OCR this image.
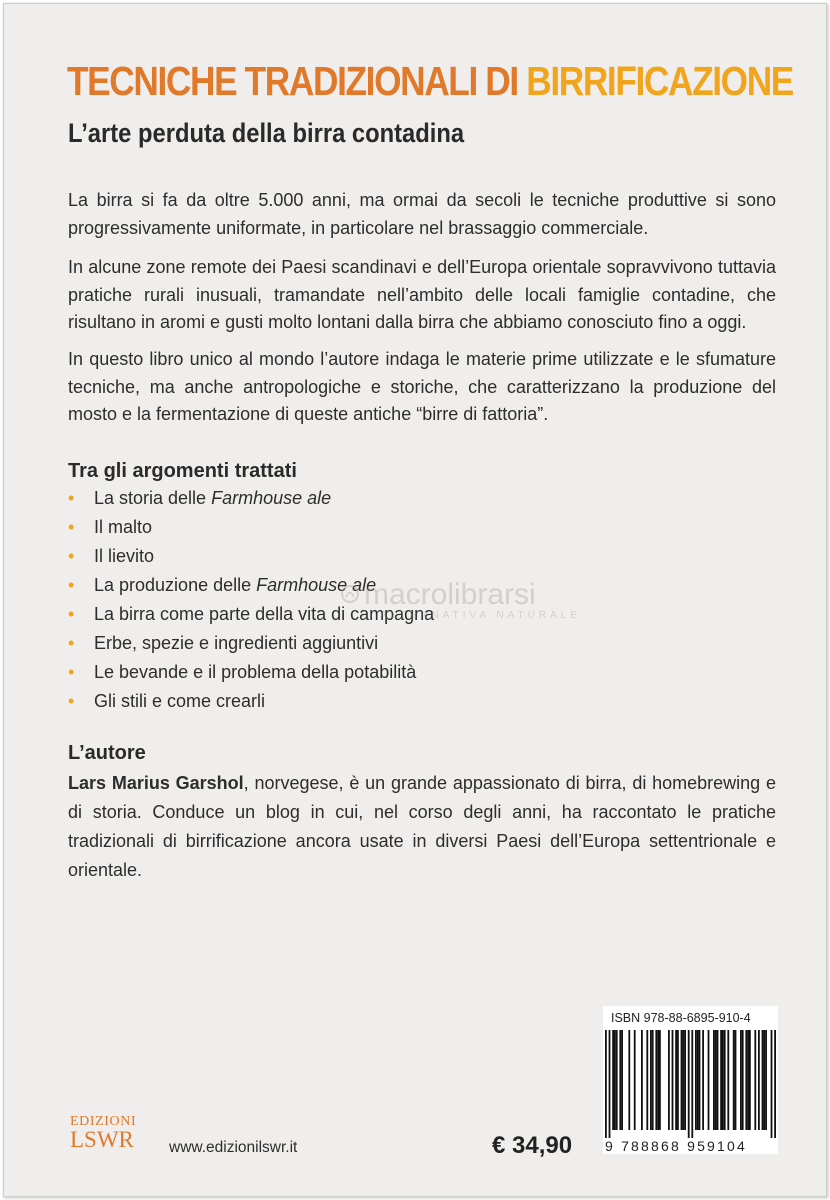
TECNICHE TRADIZIONALI DI BIRRIFICAZIONE
L’arte perduta della birra contadina

La birra si fa da oltre 5.000 anni, ma ormai da secoli le tecniche produttive si sono progressivamente uniformate, in particolare nel brassaggio commerciale.

In alcune zone remote dei Paesi scandinavi e dell’Europa orientale sopravvivono tuttavia pratiche rurali inusuali, tramandate nell’ambito delle locali famiglie contadine, che risultano in aromi e gusti molto lontani dalla birra che abbiamo conosciuto fino a oggi.

In questo libro unico al mondo l’autore indaga le materie prime utilizzate e le sfumature tecniche, ma anche antropologiche e storiche, che caratterizzano la produzione del mosto e la fermentazione di queste antiche “birre di fattoria”.

Tra gli argomenti trattati
• La storia delle Farmhouse ale
• Il malto
• Il lievito
• La produzione delle Farmhouse ale
• La birra come parte della vita di campagna
• Erbe, spezie e ingredienti aggiuntivi
• Le bevande e il problema della potabilità
• Gli stili e come crearli
macrolibrarsi
ALTERNATIVA NATURALE
L’autore

Lars Marius Garshol, norvegese, è un grande appassionato di birra, di homebrewing e di storia. Conduce un blog in cui, nel corso degli anni, ha raccontato le pratiche tradizionali di birrificazione ancora usate in diversi Paesi dell’Europa settentrionale e orientale.

ISBN 978-88-6895-910-4
9 788868 959104
EDIZIONI
LSWR www.edizionilswr.it	€ 34,90
